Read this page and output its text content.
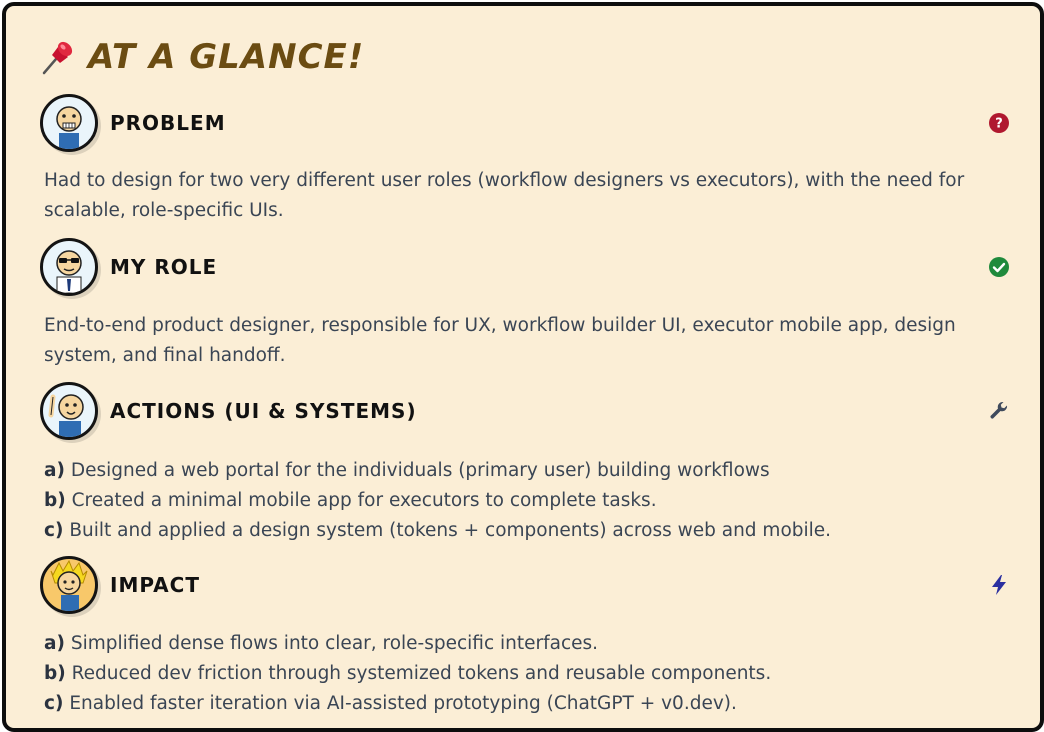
AT A GLANCE!
PROBLEM	?

Had to design for two very different user roles (workflow designers vs executors), with the need for scalable, role-specific UIs.

MY ROLE

End-to-end product designer, responsible for UX, workflow builder UI, executor mobile app, design system, and final handoff.

ACTIONS (UI & SYSTEMS)

a) Designed a web portal for the individuals (primary user) building workflows

b) Created a minimal mobile app for executors to complete tasks.

c) Built and applied a design system (tokens + components) across web and mobile.

IMPACT

a) Simplified dense flows into clear, role-specific interfaces.

b) Reduced dev friction through systemized tokens and reusable components.

c) Enabled faster iteration via AI-assisted prototyping (ChatGPT + v0.dev).
